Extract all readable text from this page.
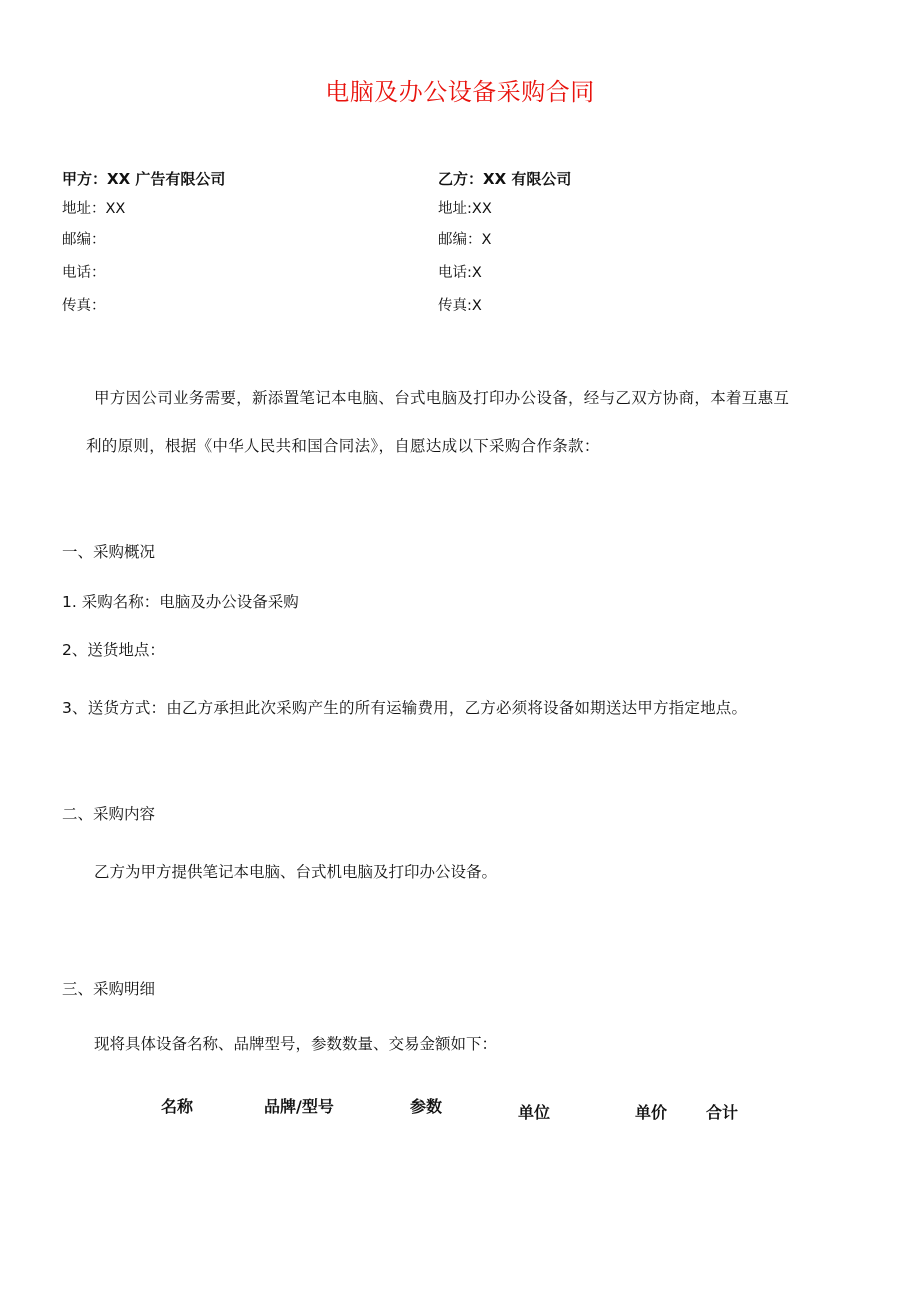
电脑及办公设备采购合同
甲方：XX 广告有限公司
地址：XX
邮编：
电话：
传真：
乙方：XX 有限公司
地址:XX
邮编：X
电话:X
传真:X
甲方因公司业务需要，新添置笔记本电脑、台式电脑及打印办公设备，经与乙双方协商，本着互惠互
利的原则，根据《中华人民共和国合同法》，自愿达成以下采购合作条款：
一、采购概况
1. 采购名称：电脑及办公设备采购
2、送货地点：
3、送货方式：由乙方承担此次采购产生的所有运输费用，乙方必须将设备如期送达甲方指定地点。
二、采购内容
乙方为甲方提供笔记本电脑、台式机电脑及打印办公设备。
三、采购明细
现将具体设备名称、品牌型号，参数数量、交易金额如下：
名称	品牌/型号	参数	单位	单价 合计
